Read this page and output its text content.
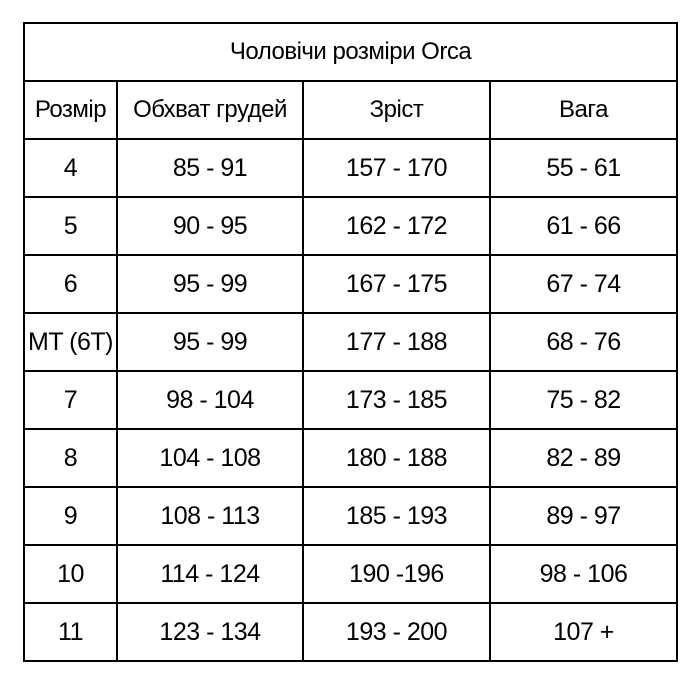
Чоловічи розміри Orca			
Розмір	Обхват грудей	Зріст	Вага
4	85 - 91	157 - 170	55 - 61
5	90 - 95	162 - 172	61 - 66
6	95 - 99	167 - 175	67 - 74
MT (6T)	95 - 99	177 - 188	68 - 76
7	98 - 104	173 - 185	75 - 82
8	104 - 108	180 - 188	82 - 89
9	108 - 113	185 - 193	89 - 97
10	114 - 124	190 -196	98 - 106
11	123 - 134	193 - 200	107 +
